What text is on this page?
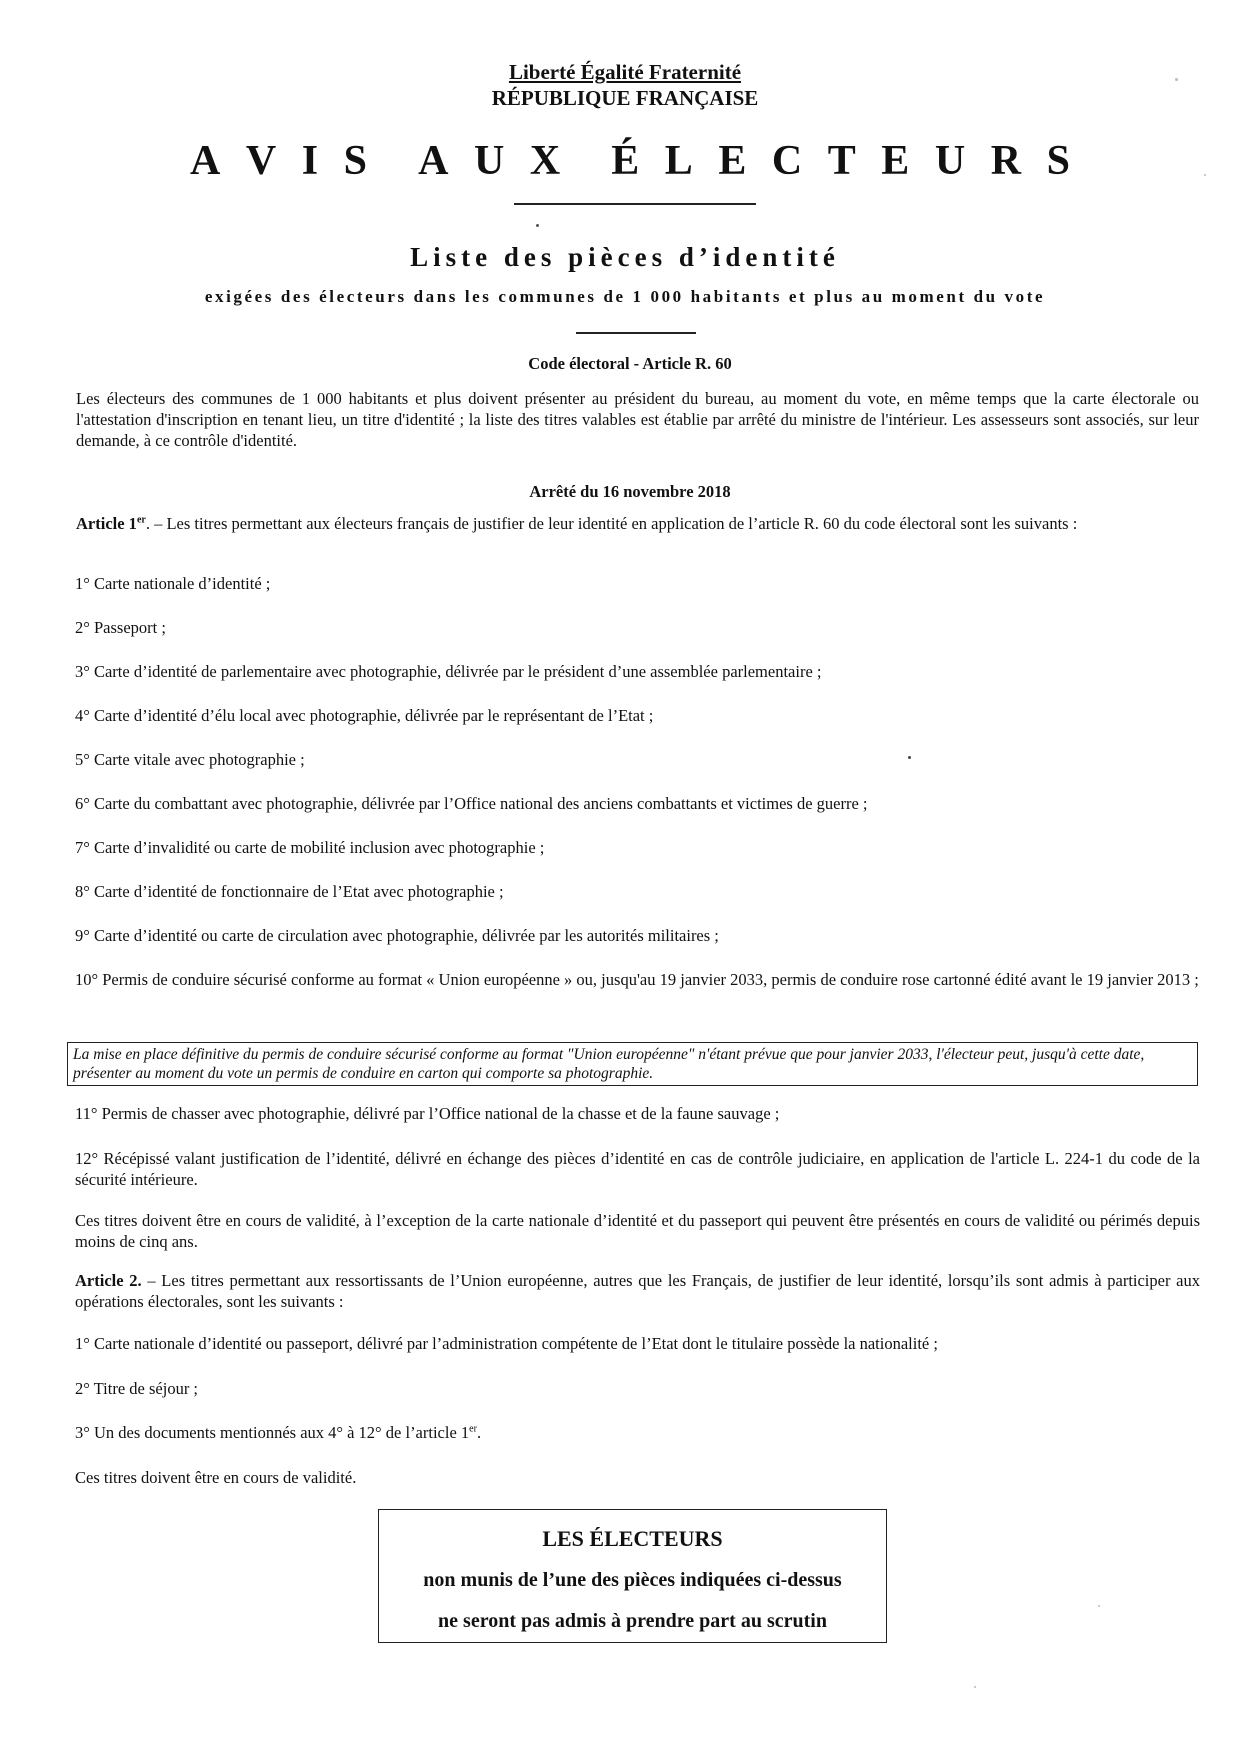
Liberté Égalité Fraternité
RÉPUBLIQUE FRANÇAISE
A V I S A U X É L E C T E U R S
Liste des pièces d’identité
exigées des électeurs dans les communes de 1 000 habitants et plus au moment du vote
Code électoral - Article R. 60
Les électeurs des communes de 1 000 habitants et plus doivent présenter au président du bureau, au moment du vote, en même temps que la carte électorale ou l'attestation d'inscription en tenant lieu, un titre d'identité ; la liste des titres valables est établie par arrêté du ministre de l'intérieur. Les assesseurs sont associés, sur leur demande, à ce contrôle d'identité.
Arrêté du 16 novembre 2018
Article 1er. – Les titres permettant aux électeurs français de justifier de leur identité en application de l’article R. 60 du code électoral sont les suivants :
1° Carte nationale d’identité ;
2° Passeport ;
3° Carte d’identité de parlementaire avec photographie, délivrée par le président d’une assemblée parlementaire ;
4° Carte d’identité d’élu local avec photographie, délivrée par le représentant de l’Etat ;
5° Carte vitale avec photographie ;
6° Carte du combattant avec photographie, délivrée par l’Office national des anciens combattants et victimes de guerre ;
7° Carte d’invalidité ou carte de mobilité inclusion avec photographie ;
8° Carte d’identité de fonctionnaire de l’Etat avec photographie ;
9° Carte d’identité ou carte de circulation avec photographie, délivrée par les autorités militaires ;
10° Permis de conduire sécurisé conforme au format « Union européenne » ou, jusqu'au 19 janvier 2033, permis de conduire rose cartonné édité avant le 19 janvier 2013 ;
La mise en place définitive du permis de conduire sécurisé conforme au format "Union européenne" n'étant prévue que pour janvier 2033, l'électeur peut, jusqu'à cette date, présenter au moment du vote un permis de conduire en carton qui comporte sa photographie.
11° Permis de chasser avec photographie, délivré par l’Office national de la chasse et de la faune sauvage ;
12° Récépissé valant justification de l’identité, délivré en échange des pièces d’identité en cas de contrôle judiciaire, en application de l'article L. 224-1 du code de la sécurité intérieure.
Ces titres doivent être en cours de validité, à l’exception de la carte nationale d’identité et du passeport qui peuvent être présentés en cours de validité ou périmés depuis moins de cinq ans.
Article 2. – Les titres permettant aux ressortissants de l’Union européenne, autres que les Français, de justifier de leur identité, lorsqu’ils sont admis à participer aux opérations électorales, sont les suivants :
1° Carte nationale d’identité ou passeport, délivré par l’administration compétente de l’Etat dont le titulaire possède la nationalité ;
2° Titre de séjour ;
3° Un des documents mentionnés aux 4° à 12° de l’article 1er.
Ces titres doivent être en cours de validité.
LES ÉLECTEURS
non munis de l’une des pièces indiquées ci-dessus
ne seront pas admis à prendre part au scrutin
